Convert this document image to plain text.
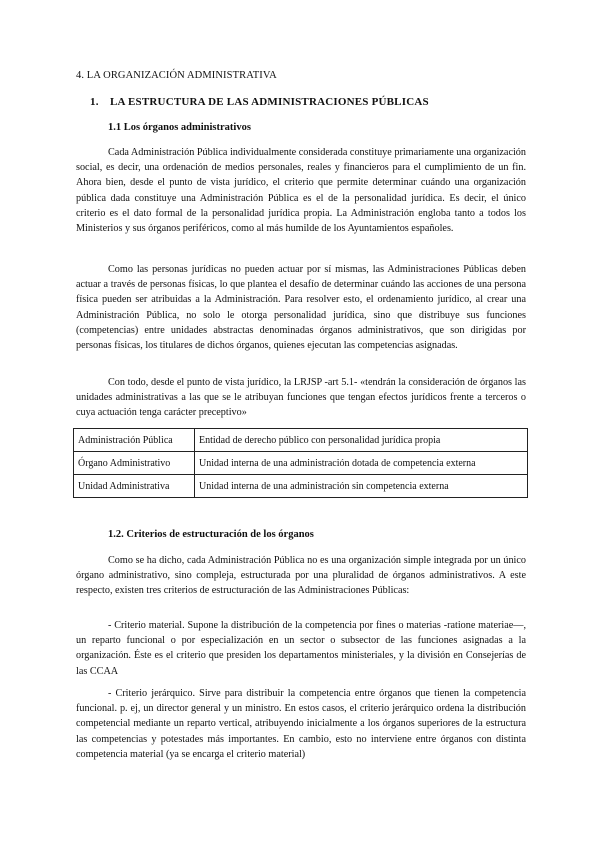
4. LA ORGANIZACIÓN ADMINISTRATIVA
1. LA ESTRUCTURA DE LAS ADMINISTRACIONES PÚBLICAS
1.1 Los órganos administrativos

Cada Administración Pública individualmente considerada constituye primariamente una organización social, es decir, una ordenación de medios personales, reales y financieros para el cumplimiento de un fin. Ahora bien, desde el punto de vista jurídico, el criterio que permite determinar cuándo una organización pública dada constituye una Administración Pública es el de la personalidad jurídica. Es decir, el único criterio es el dato formal de la personalidad jurídica propia. La Administración engloba tanto a todos los Ministerios y sus órganos periféricos, como al más humilde de los Ayuntamientos españoles.

Como las personas jurídicas no pueden actuar por sí mismas, las Administraciones Públicas deben actuar a través de personas físicas, lo que plantea el desafío de determinar cuándo las acciones de una persona física pueden ser atribuidas a la Administración. Para resolver esto, el ordenamiento jurídico, al crear una Administración Pública, no solo le otorga personalidad jurídica, sino que distribuye sus funciones (competencias) entre unidades abstractas denominadas órganos administrativos, que son dirigidas por personas físicas, los titulares de dichos órganos, quienes ejecutan las competencias asignadas.

Con todo, desde el punto de vista jurídico, la LRJSP -art 5.1- «tendrán la consideración de órganos las unidades administrativas a las que se le atribuyan funciones que tengan efectos jurídicos frente a terceros o cuya actuación tenga carácter preceptivo»

Administración Pública	Entidad de derecho público con personalidad jurídica propia
Órgano Administrativo	Unidad interna de una administración dotada de competencia externa
Unidad Administrativa	Unidad interna de una administración sin competencia externa
1.2. Criterios de estructuración de los órganos

Como se ha dicho, cada Administración Pública no es una organización simple integrada por un único órgano administrativo, sino compleja, estructurada por una pluralidad de órganos administrativos. A este respecto, existen tres criterios de estructuración de las Administraciones Públicas:

- Criterio material. Supone la distribución de la competencia por fines o materias -ratione materiae—, un reparto funcional o por especialización en un sector o subsector de las funciones asignadas a la organización. Éste es el criterio que presiden los departamentos ministeriales, y la división en Consejerías de las CCAA

- Criterio jerárquico. Sirve para distribuir la competencia entre órganos que tienen la competencia funcional. p. ej, un director general y un ministro. En estos casos, el criterio jerárquico ordena la distribución competencial mediante un reparto vertical, atribuyendo inicialmente a los órganos superiores de la estructura las competencias y potestades más importantes. En cambio, esto no interviene entre órganos con distinta competencia material (ya se encarga el criterio material)
